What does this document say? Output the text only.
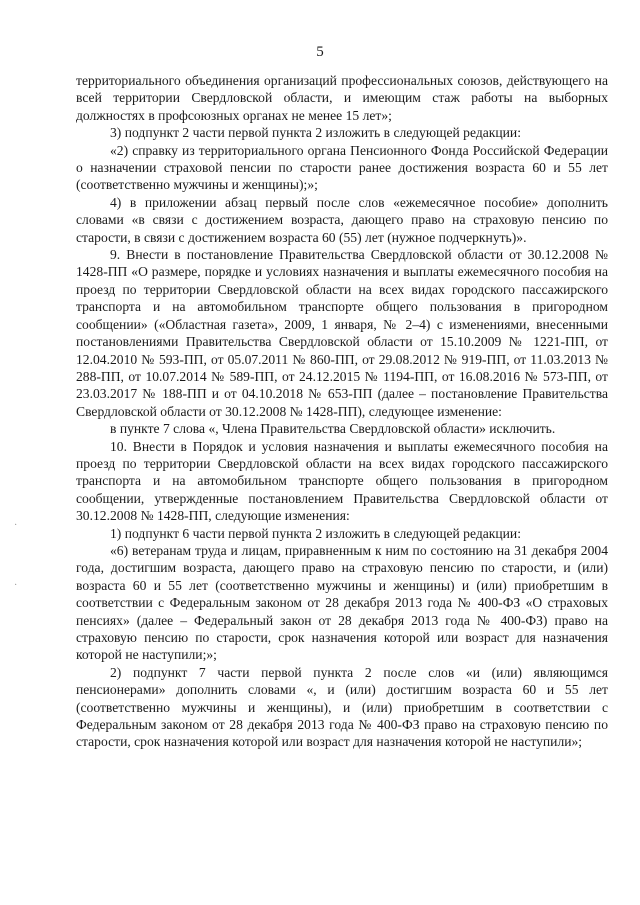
5
·
·

территориального объединения организаций профессиональных союзов, действующего на всей территории Свердловской области, и имеющим стаж работы на выборных должностях в профсоюзных органах не менее 15 лет»;

3) подпункт 2 части первой пункта 2 изложить в следующей редакции:

«2) справку из территориального органа Пенсионного Фонда Российской Федерации о назначении страховой пенсии по старости ранее достижения возраста 60 и 55 лет (соответственно мужчины и женщины);»;

4) в приложении абзац первый после слов «ежемесячное пособие» дополнить словами «в связи с достижением возраста, дающего право на страховую пенсию по старости, в связи с достижением возраста 60 (55) лет (нужное подчеркнуть)».

9. Внести в постановление Правительства Свердловской области от 30.12.2008 № 1428-ПП «О размере, порядке и условиях назначения и выплаты ежемесячного пособия на проезд по территории Свердловской области на всех видах городского пассажирского транспорта и на автомобильном транспорте общего пользования в пригородном сообщении» («Областная газета», 2009, 1 января, № 2–4) с изменениями, внесенными постановлениями Правительства Свердловской области от 15.10.2009 № 1221-ПП, от 12.04.2010 № 593-ПП, от 05.07.2011 № 860-ПП, от 29.08.2012 № 919-ПП, от 11.03.2013 № 288-ПП, от 10.07.2014 № 589-ПП, от 24.12.2015 № 1194-ПП, от 16.08.2016 № 573-ПП, от 23.03.2017 № 188-ПП и от 04.10.2018 № 653-ПП (далее – постановление Правительства Свердловской области от 30.12.2008 № 1428-ПП), следующее изменение:

в пункте 7 слова «, Члена Правительства Свердловской области» исключить.

10. Внести в Порядок и условия назначения и выплаты ежемесячного пособия на проезд по территории Свердловской области на всех видах городского пассажирского транспорта и на автомобильном транспорте общего пользования в пригородном сообщении, утвержденные постановлением Правительства Свердловской области от 30.12.2008 № 1428-ПП, следующие изменения:

1) подпункт 6 части первой пункта 2 изложить в следующей редакции:

«6) ветеранам труда и лицам, приравненным к ним по состоянию на 31 декабря 2004 года, достигшим возраста, дающего право на страховую пенсию по старости, и (или) возраста 60 и 55 лет (соответственно мужчины и женщины) и (или) приобретшим в соответствии с Федеральным законом от 28 декабря 2013 года № 400-ФЗ «О страховых пенсиях» (далее – Федеральный закон от 28 декабря 2013 года № 400-ФЗ) право на страховую пенсию по старости, срок назначения которой или возраст для назначения которой не наступили;»;

2) подпункт 7 части первой пункта 2 после слов «и (или) являющимся пенсионерами» дополнить словами «, и (или) достигшим возраста 60 и 55 лет (соответственно мужчины и женщины), и (или) приобретшим в соответствии с Федеральным законом от 28 декабря 2013 года № 400-ФЗ право на страховую пенсию по старости, срок назначения которой или возраст для назначения которой не наступили»;
